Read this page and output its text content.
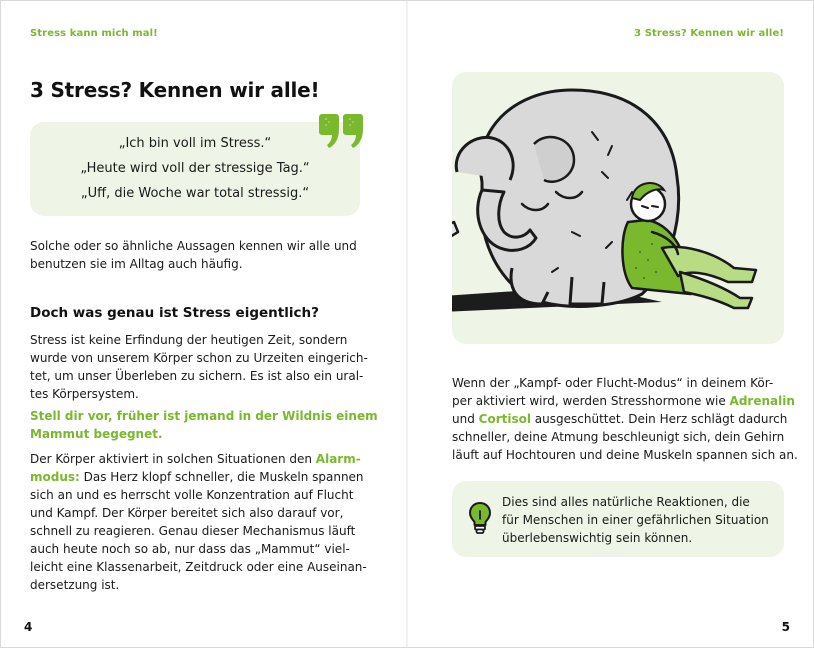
Stress kann mich mal!	3 Stress? Kennen wir alle!
3 Stress? Kennen wir alle!
„Ich bin voll im Stress.“
„Heute wird voll der stressige Tag.“
„Uff, die Woche war total stressig.“
Solche oder so ähnliche Aussagen kennen wir alle und
benutzen sie im Alltag auch häufig.
Doch was genau ist Stress eigentlich?
Stress ist keine Erfindung der heutigen Zeit, sondern
wurde von unserem Körper schon zu Urzeiten eingerich-
tet, um unser Überleben zu sichern. Es ist also ein ural-
tes Körpersystem.
Stell dir vor, früher ist jemand in der Wildnis einem
Mammut begegnet.
Der Körper aktiviert in solchen Situationen den Alarm-
modus: Das Herz klopf schneller, die Muskeln spannen
sich an und es herrscht volle Konzentration auf Flucht
und Kampf. Der Körper bereitet sich also darauf vor,
schnell zu reagieren. Genau dieser Mechanismus läuft
auch heute noch so ab, nur dass das „Mammut“ viel-
leicht eine Klassenarbeit, Zeitdruck oder eine Auseinan-
dersetzung ist.
Wenn der „Kampf- oder Flucht-Modus“ in deinem Kör-
per aktiviert wird, werden Stresshormone wie Adrenalin
und Cortisol ausgeschüttet. Dein Herz schlägt dadurch
schneller, deine Atmung beschleunigt sich, dein Gehirn
läuft auf Hochtouren und deine Muskeln spannen sich an.
Dies sind alles natürliche Reaktionen, die
für Menschen in einer gefährlichen Situation
überlebenswichtig sein können.
4	5
